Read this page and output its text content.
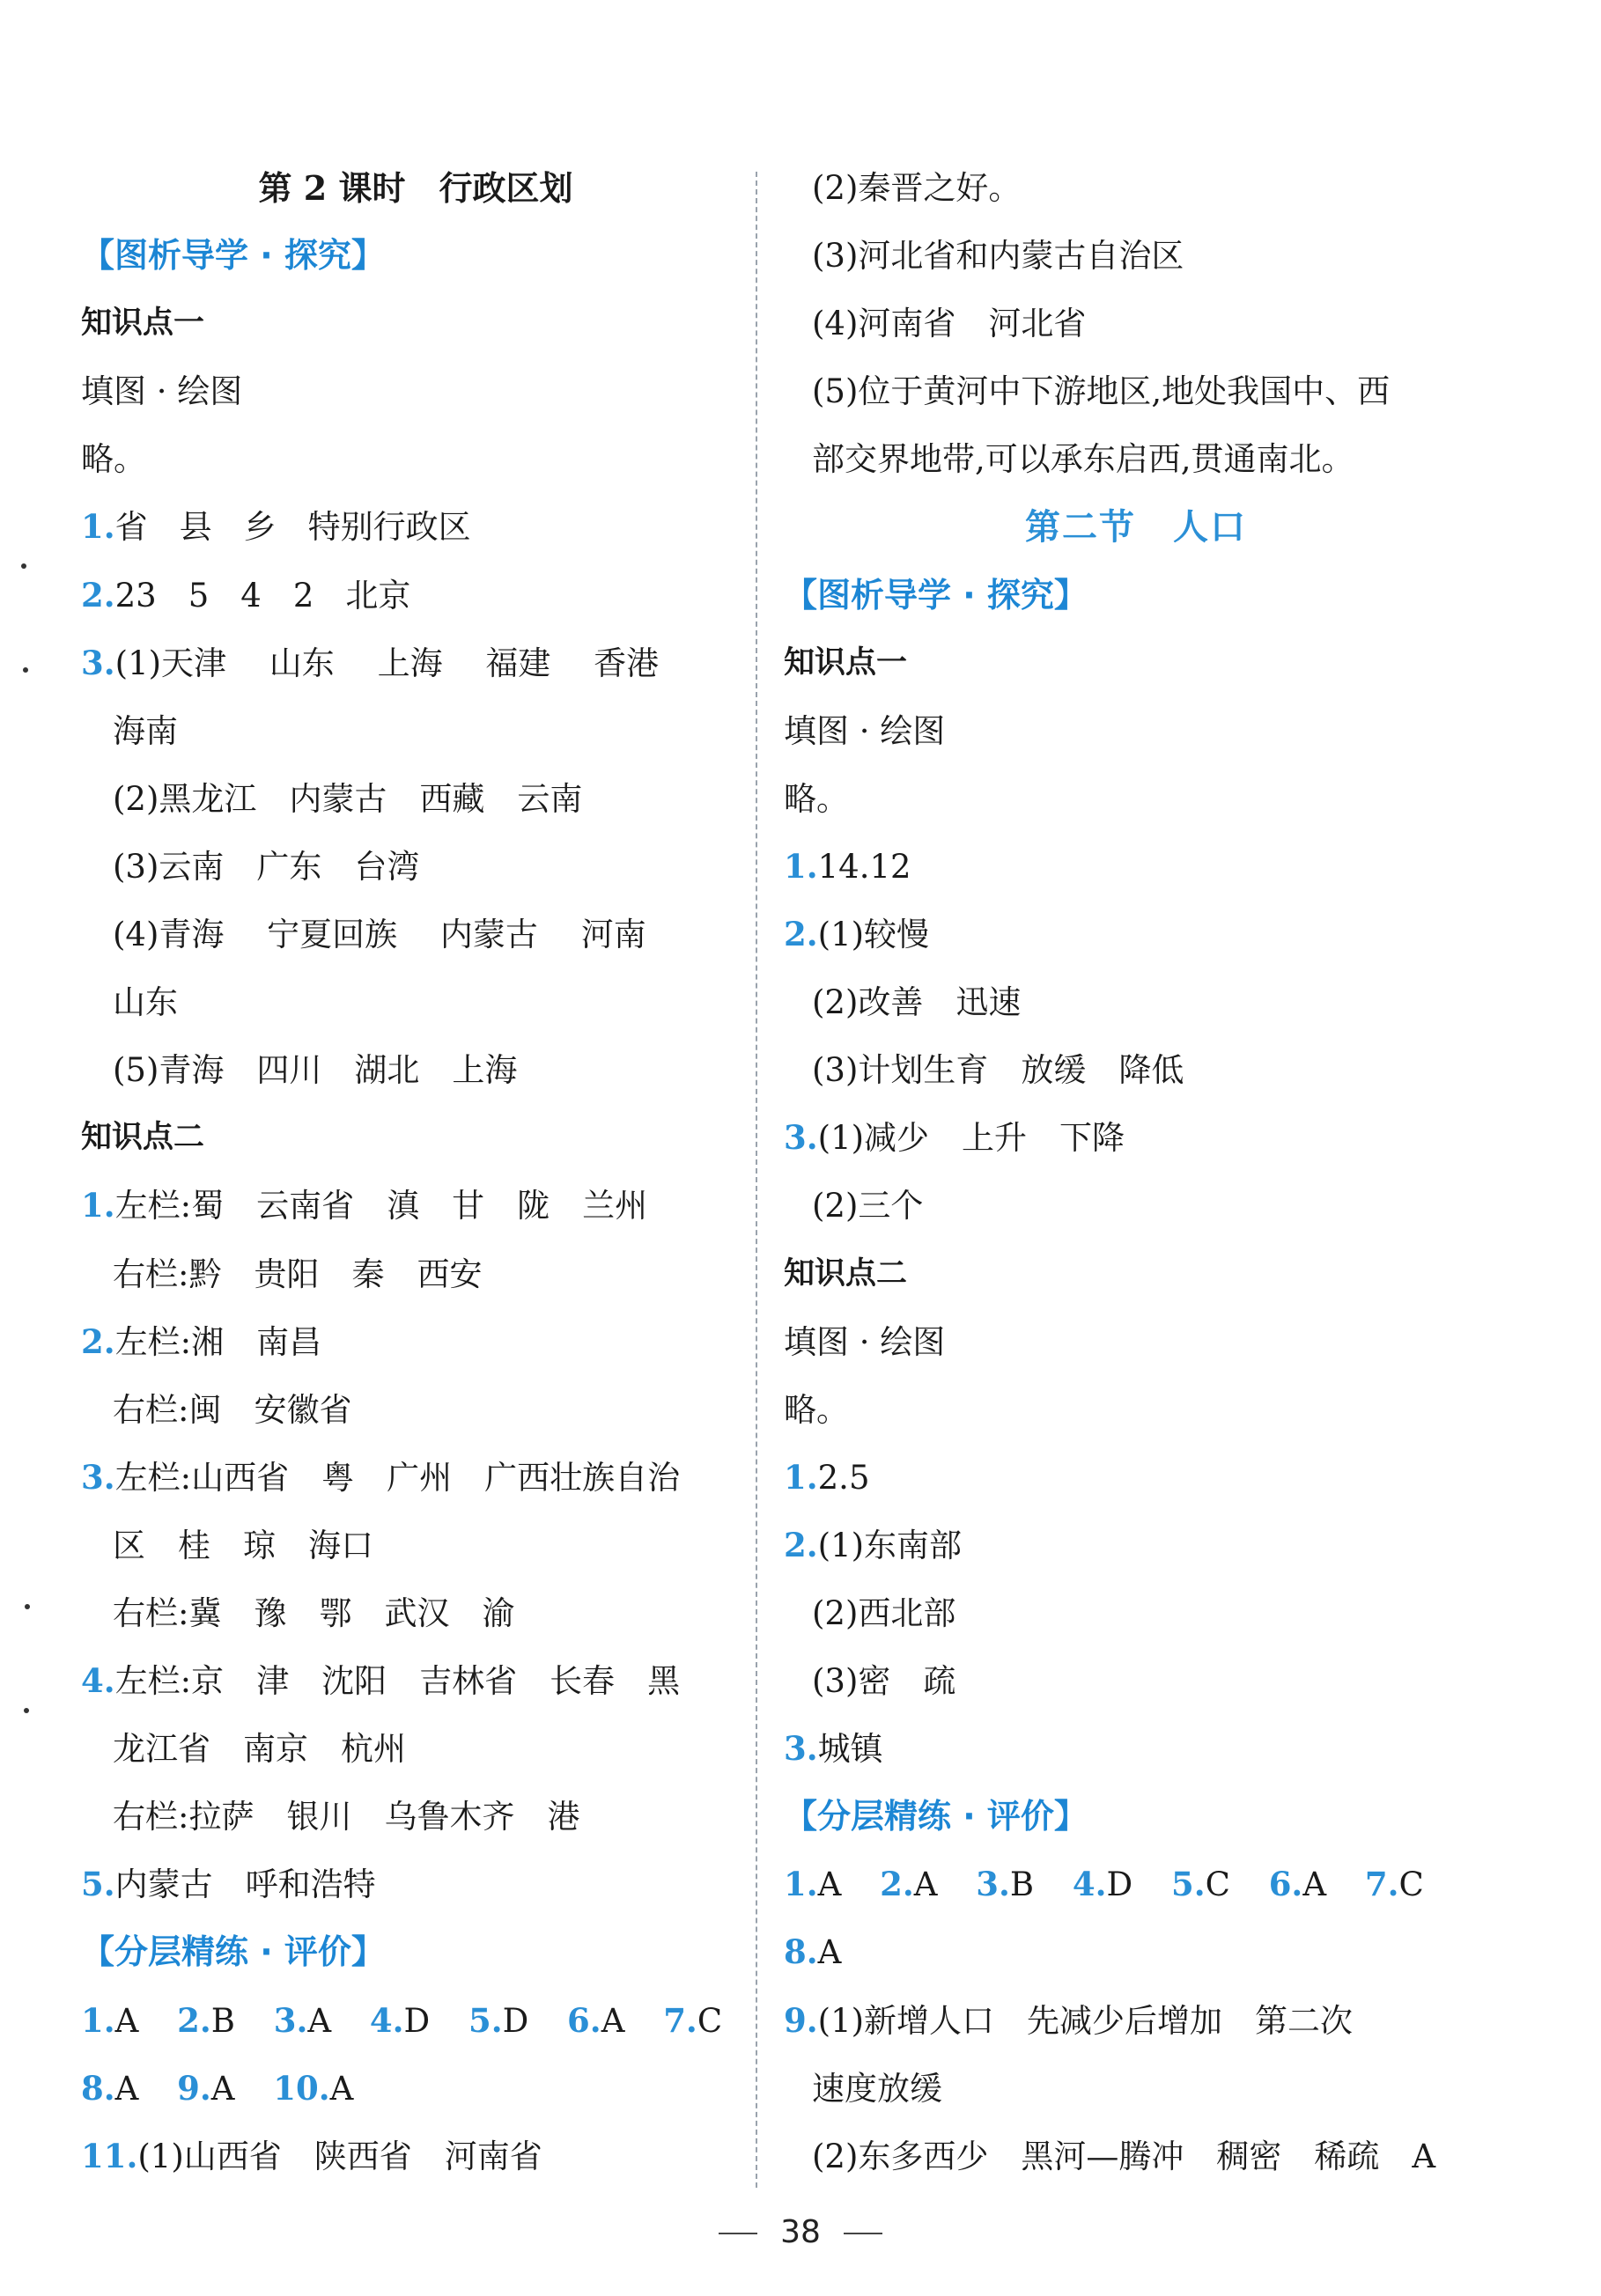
第 2 课时　行政区划
【图析导学 · 探究】
知识点一
填图 · 绘图
略。
1.省 县 乡 特别行政区
2.23 5 4 2 北京
3.(1)天津　 山东　 上海　 福建　 香港
海南
(2)黑龙江　内蒙古　西藏　云南
(3)云南　广东　台湾
(4)青海　 宁夏回族　 内蒙古　 河南
山东
(5)青海　四川　湖北　上海
知识点二
1.左栏:蜀　云南省　滇　甘　陇　兰州
右栏:黔　贵阳　秦　西安
2.左栏:湘　南昌
右栏:闽　安徽省
3.左栏:山西省　粤　广州　广西壮族自治
区　桂　琼　海口
右栏:冀　豫　鄂　武汉　渝
4.左栏:京　津　沈阳　吉林省　长春　黑
龙江省　南京　杭州
右栏:拉萨　银川　乌鲁木齐　港
5.内蒙古　呼和浩特
【分层精练 · 评价】
1.A 2.B 3.A 4.D 5.D 6.A 7.C
8.A 9.A 10.A
11.(1)山西省　陕西省　河南省
(2)秦晋之好。
(3)河北省和内蒙古自治区
(4)河南省　河北省
(5)位于黄河中下游地区,地处我国中、西
部交界地带,可以承东启西,贯通南北。
第二节　人口
【图析导学 · 探究】
知识点一
填图 · 绘图
略。
1.14.12
2.(1)较慢
(2)改善　迅速
(3)计划生育　放缓　降低
3.(1)减少　上升　下降
(2)三个
知识点二
填图 · 绘图
略。
1.2.5
2.(1)东南部
(2)西北部
(3)密　疏
3.城镇
【分层精练 · 评价】
1.A 2.A 3.B 4.D 5.C 6.A 7.C
8.A
9.(1)新增人口　先减少后增加　第二次
速度放缓
(2)东多西少　黑河—腾冲　稠密　稀疏　A
38
